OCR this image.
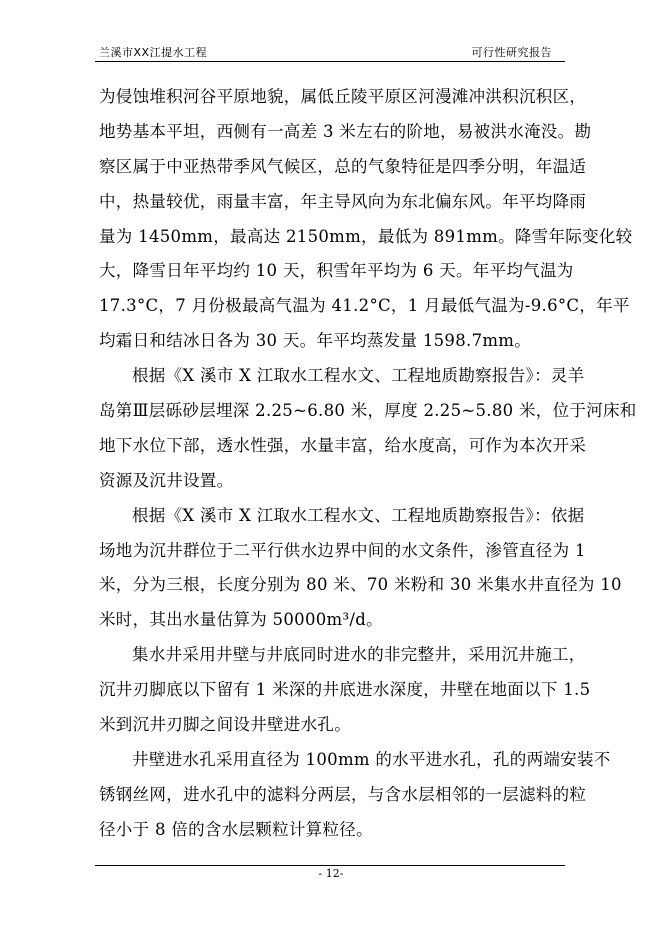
兰溪市XX江提水工程	可行性研究报告
为侵蚀堆积河谷平原地貌，属低丘陵平原区河漫滩冲洪积沉积区，
地势基本平坦，西侧有一高差 3 米左右的阶地，易被洪水淹没。勘
察区属于中亚热带季风气候区，总的气象特征是四季分明，年温适
中，热量较优，雨量丰富，年主导风向为东北偏东风。年平均降雨
量为 1450mm，最高达 2150mm，最低为 891mm。降雪年际变化较
大，降雪日年平均约 10 天，积雪年平均为 6 天。年平均气温为
17.3°C，7 月份极最高气温为 41.2°C，1 月最低气温为-9.6°C，年平
均霜日和结冰日各为 30 天。年平均蒸发量 1598.7mm。
根据《X 溪市 X 江取水工程水文、工程地质勘察报告》：灵羊
岛第Ⅲ层砾砂层埋深 2.25~6.80 米，厚度 2.25~5.80 米，位于河床和
地下水位下部，透水性强，水量丰富，给水度高，可作为本次开采
资源及沉井设置。
根据《X 溪市 X 江取水工程水文、工程地质勘察报告》：依据
场地为沉井群位于二平行供水边界中间的水文条件，渗管直径为 1
米，分为三根，长度分别为 80 米、70 米粉和 30 米集水井直径为 10
米时，其出水量估算为 50000m³/d。
集水井采用井壁与井底同时进水的非完整井，采用沉井施工，
沉井刃脚底以下留有 1 米深的井底进水深度，井壁在地面以下 1.5
米到沉井刃脚之间设井壁进水孔。
井壁进水孔采用直径为 100mm 的水平进水孔，孔的两端安装不
锈钢丝网，进水孔中的滤料分两层，与含水层相邻的一层滤料的粒
径小于 8 倍的含水层颗粒计算粒径。
- 12-
